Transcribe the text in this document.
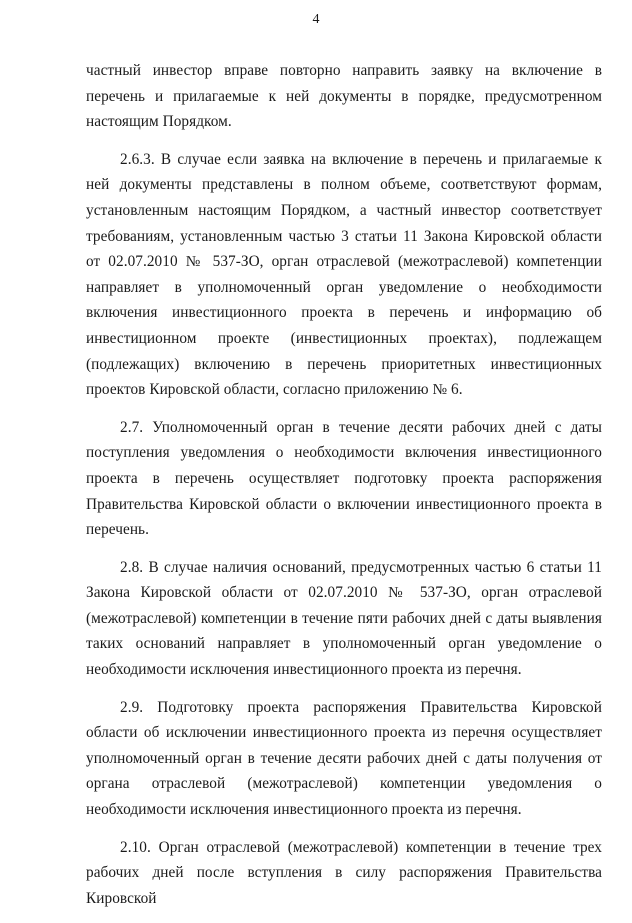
4

частный инвестор вправе повторно направить заявку на включение в перечень и прилагаемые к ней документы в порядке, предусмотренном настоящим Порядком.

2.6.3. В случае если заявка на включение в перечень и прилагаемые к ней документы представлены в полном объеме, соответствуют формам, установленным настоящим Порядком, а частный инвестор соответствует требованиям, установленным частью 3 статьи 11 Закона Кировской области от 02.07.2010 № 537-ЗО, орган отраслевой (межотраслевой) компетенции направляет в уполномоченный орган уведомление о необходимости включения инвестиционного проекта в перечень и информацию об инвестиционном проекте (инвестиционных проектах), подлежащем (подлежащих) включению в перечень приоритетных инвестиционных проектов Кировской области, согласно приложению № 6.

2.7. Уполномоченный орган в течение десяти рабочих дней с даты поступления уведомления о необходимости включения инвестиционного проекта в перечень осуществляет подготовку проекта распоряжения Правительства Кировской области о включении инвестиционного проекта в перечень.

2.8. В случае наличия оснований, предусмотренных частью 6 статьи 11 Закона Кировской области от 02.07.2010 № 537-ЗО, орган отраслевой (межотраслевой) компетенции в течение пяти рабочих дней с даты выявления таких оснований направляет в уполномоченный орган уведомление о необходимости исключения инвестиционного проекта из перечня.

2.9. Подготовку проекта распоряжения Правительства Кировской области об исключении инвестиционного проекта из перечня осуществляет уполномоченный орган в течение десяти рабочих дней с даты получения от органа отраслевой (межотраслевой) компетенции уведомления о необходимости исключения инвестиционного проекта из перечня.

2.10. Орган отраслевой (межотраслевой) компетенции в течение трех рабочих дней после вступления в силу распоряжения Правительства Кировской
